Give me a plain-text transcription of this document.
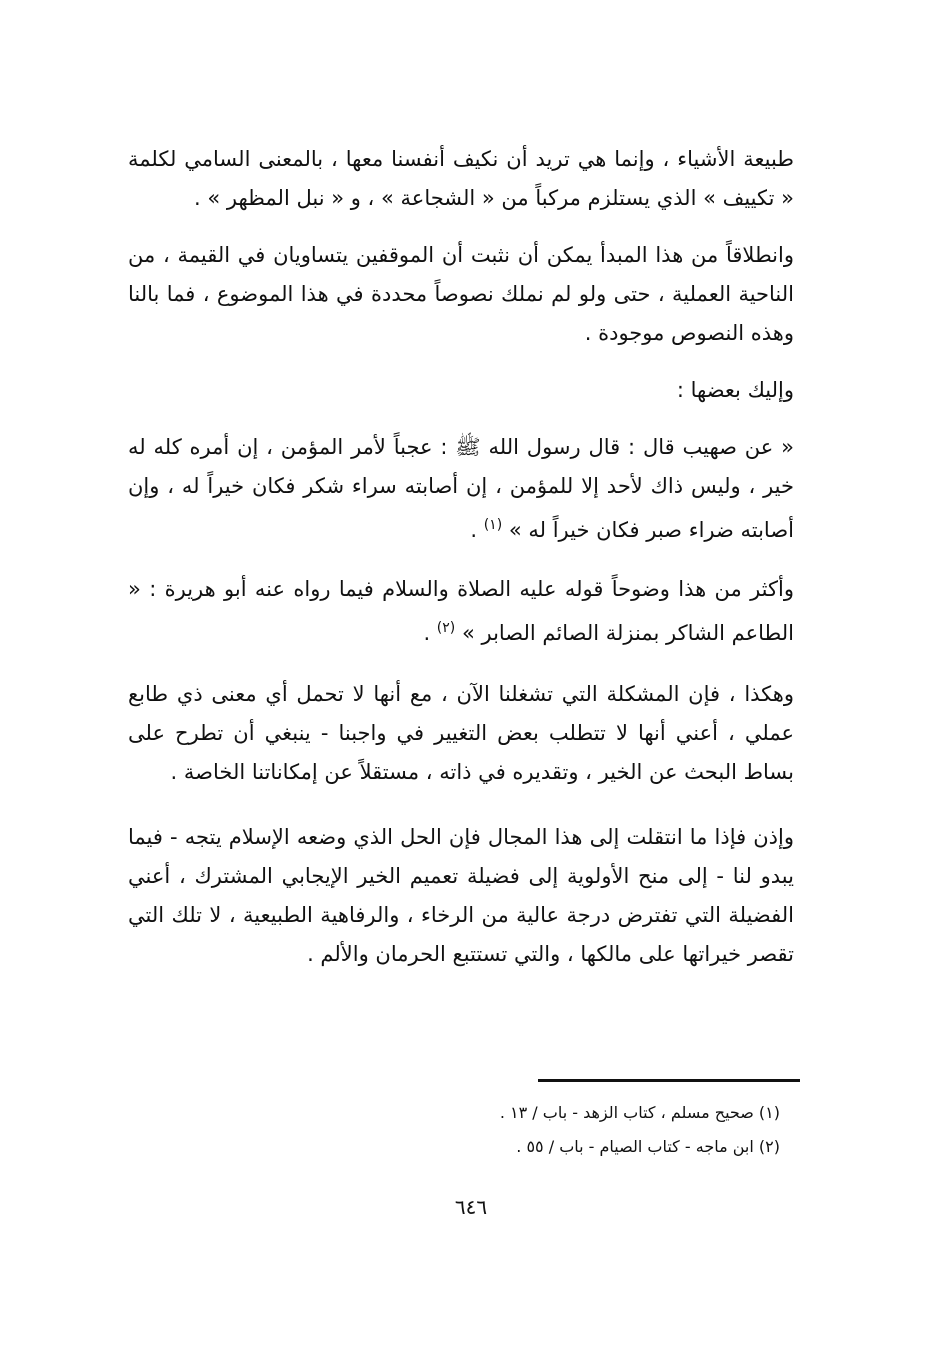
طبيعة الأشياء ، وإنما هي تريد أن نكيف أنفسنا معها ، بالمعنى السامي لكلمة « تكييف » الذي يستلزم مركباً من « الشجاعة » ، و « نبل المظهر » .

وانطلاقاً من هذا المبدأ يمكن أن نثبت أن الموقفين يتساويان في القيمة ، من الناحية العملية ، حتى ولو لم نملك نصوصاً محددة في هذا الموضوع ، فما بالنا وهذه النصوص موجودة .

وإليك بعضها :

« عن صهيب قال : قال رسول الله ﷺ : عجباً لأمر المؤمن ، إن أمره كله له خير ، وليس ذاك لأحد إلا للمؤمن ، إن أصابته سراء شكر فكان خيراً له ، وإن أصابته ضراء صبر فكان خيراً له » $^{(١)}$ .

وأكثر من هذا وضوحاً قوله عليه الصلاة والسلام فيما رواه عنه أبو هريرة : « الطاعم الشاكر بمنزلة الصائم الصابر » $^{(٢)}$ .

وهكذا ، فإن المشكلة التي تشغلنا الآن ، مع أنها لا تحمل أي معنى ذي طابع عملي ، أعني أنها لا تتطلب بعض التغيير في واجبنا - ينبغي أن تطرح على بساط البحث عن الخير ، وتقديره في ذاته ، مستقلاً عن إمكاناتنا الخاصة .

وإذن فإذا ما انتقلت إلى هذا المجال فإن الحل الذي وضعه الإسلام يتجه - فيما يبدو لنا - إلى منح الأولوية إلى فضيلة تعميم الخير الإيجابي المشترك ، أعني الفضيلة التي تفترض درجة عالية من الرخاء ، والرفاهية الطبيعية ، لا تلك التي تقصر خيراتها على مالكها ، والتي تستتبع الحرمان والألم .

(١) صحيح مسلم ، كتاب الزهد - باب / ١٣ .
(٢) ابن ماجه - كتاب الصيام - باب / ٥٥ .
٦٤٦
